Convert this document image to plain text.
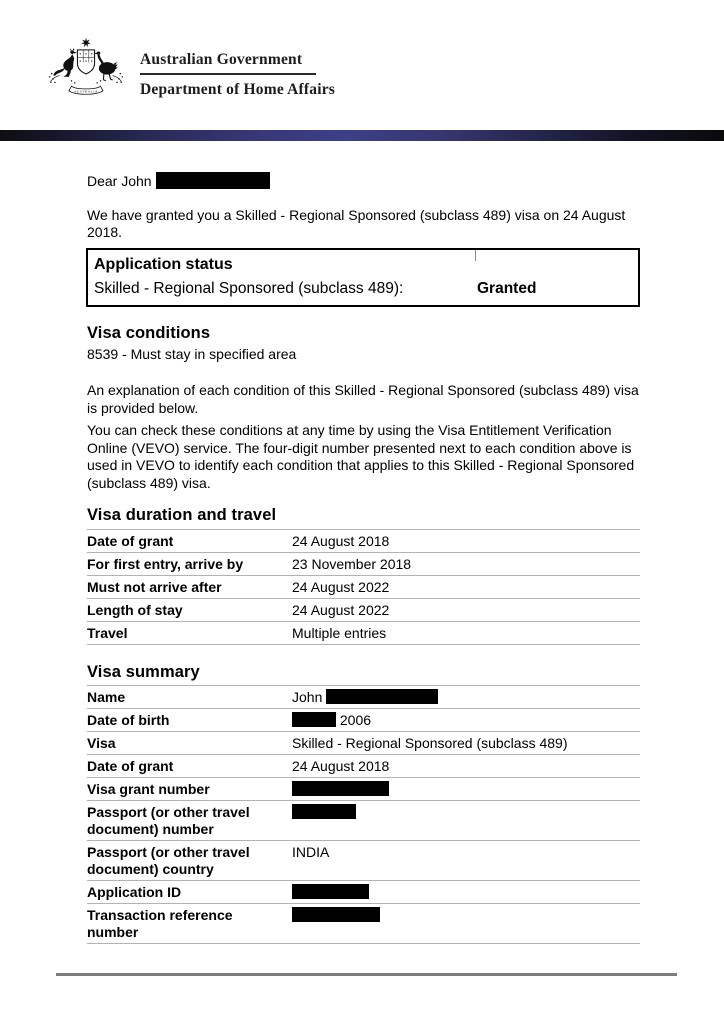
AUSTRALIA
Australian Government
Department of Home Affairs

Dear John

We have granted you a Skilled - Regional Sponsored (subclass 489) visa on 24 August 2018.

Application status
Skilled - Regional Sponsored (subclass 489):	Granted
Visa conditions

8539 - Must stay in specified area

An explanation of each condition of this Skilled - Regional Sponsored (subclass 489) visa is provided below.

You can check these conditions at any time by using the Visa Entitlement Verification Online (VEVO) service. The four-digit number presented next to each condition above is used in VEVO to identify each condition that applies to this Skilled - Regional Sponsored (subclass 489) visa.

Visa duration and travel
Date of grant	24 August 2018
For first entry, arrive by	23 November 2018
Must not arrive after	24 August 2022
Length of stay	24 August 2022
Travel	Multiple entries
Visa summary
Name	John
Date of birth	2006
Visa	Skilled - Regional Sponsored (subclass 489)
Date of grant	24 August 2018
Visa grant number	
Passport (or other travel document) number	
Passport (or other travel document) country	INDIA
Application ID	
Transaction reference number	
